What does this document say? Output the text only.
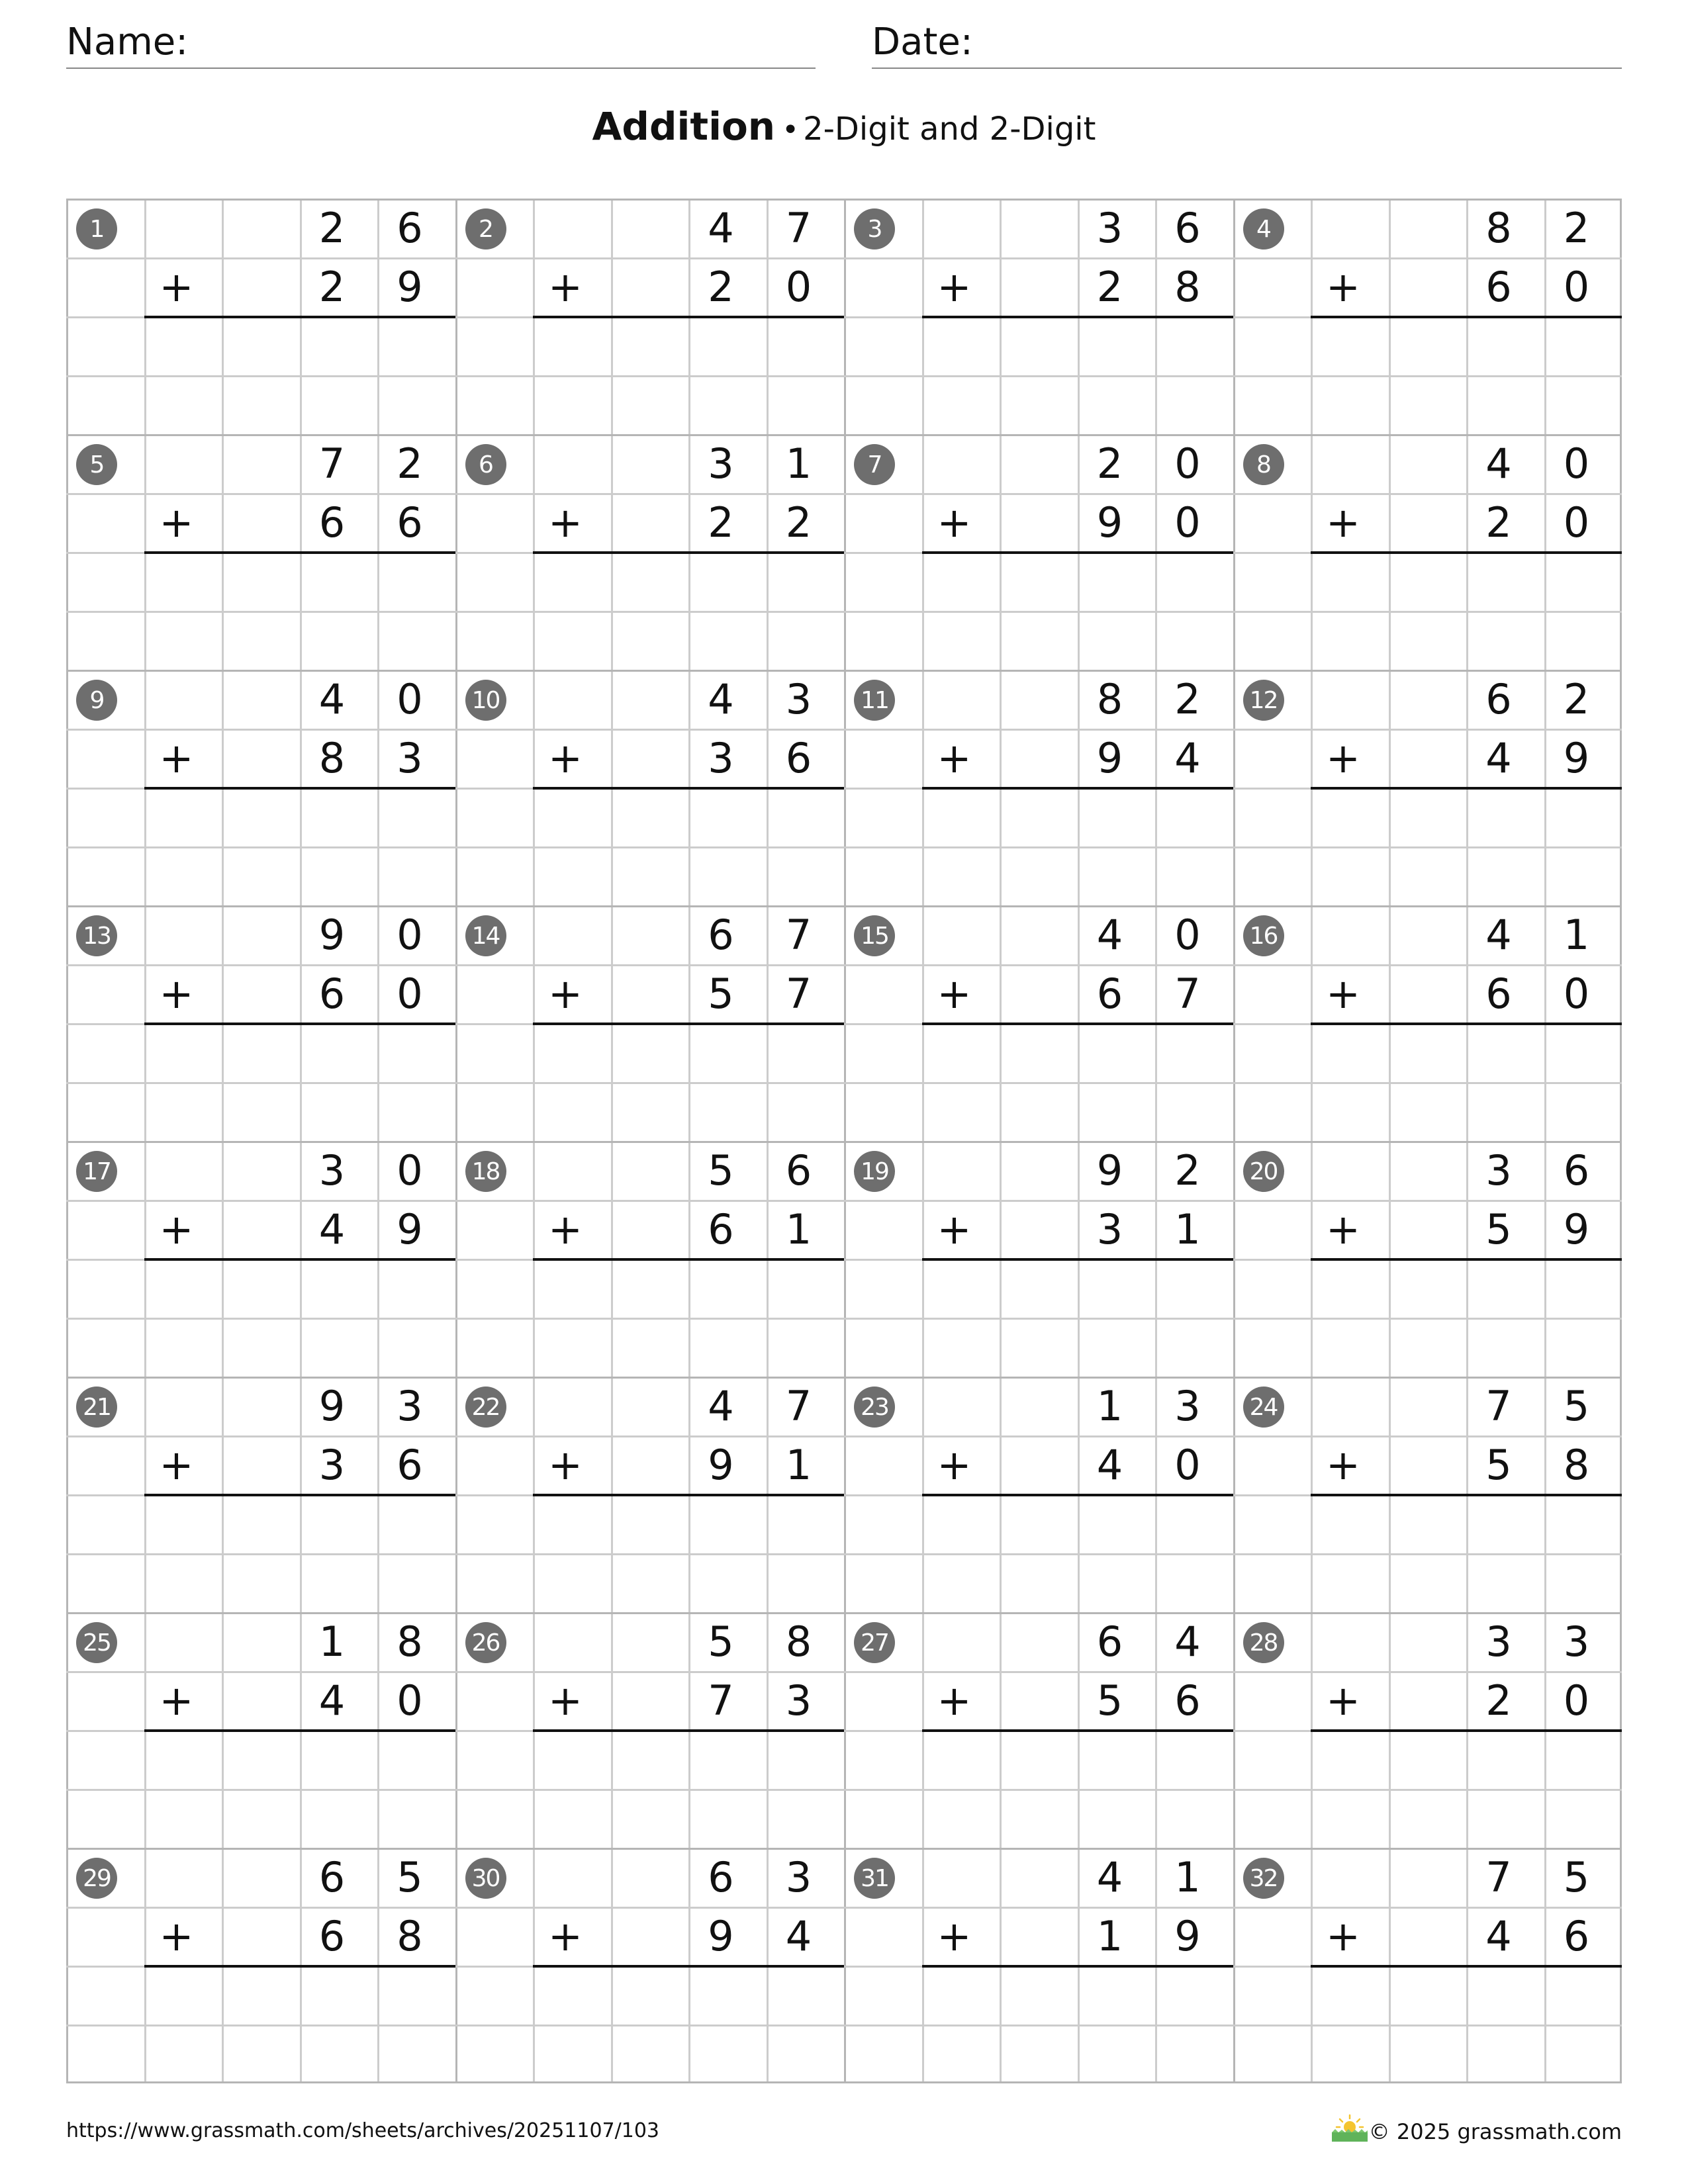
Name:	Date:
Addition • 2-Digit and 2-Digit
1	2	6
+	2	9
2	4	7
+	2	0
3	3	6
+	2	8
4	8	2
+	6	0
5	7	2
+	6	6
6	3	1
+	2	2
7	2	0
+	9	0
8	4	0
+	2	0
9	4	0
+	8	3
10	4	3
+	3	6
11	8	2
+	9	4
12	6	2
+	4	9
13	9	0
+	6	0
14	6	7
+	5	7
15	4	0
+	6	7
16	4	1
+	6	0
17	3	0
+	4	9
18	5	6
+	6	1
19	9	2
+	3	1
20	3	6
+	5	9
21	9	3
+	3	6
22	4	7
+	9	1
23	1	3
+	4	0
24	7	5
+	5	8
25	1	8
+	4	0
26	5	8
+	7	3
27	6	4
+	5	6
28	3	3
+	2	0
29	6	5
+	6	8
30	6	3
+	9	4
31	4	1
+	1	9
32	7	5
+	4	6
https://www.grassmath.com/sheets/archives/20251107/103	© 2025 grassmath.com
